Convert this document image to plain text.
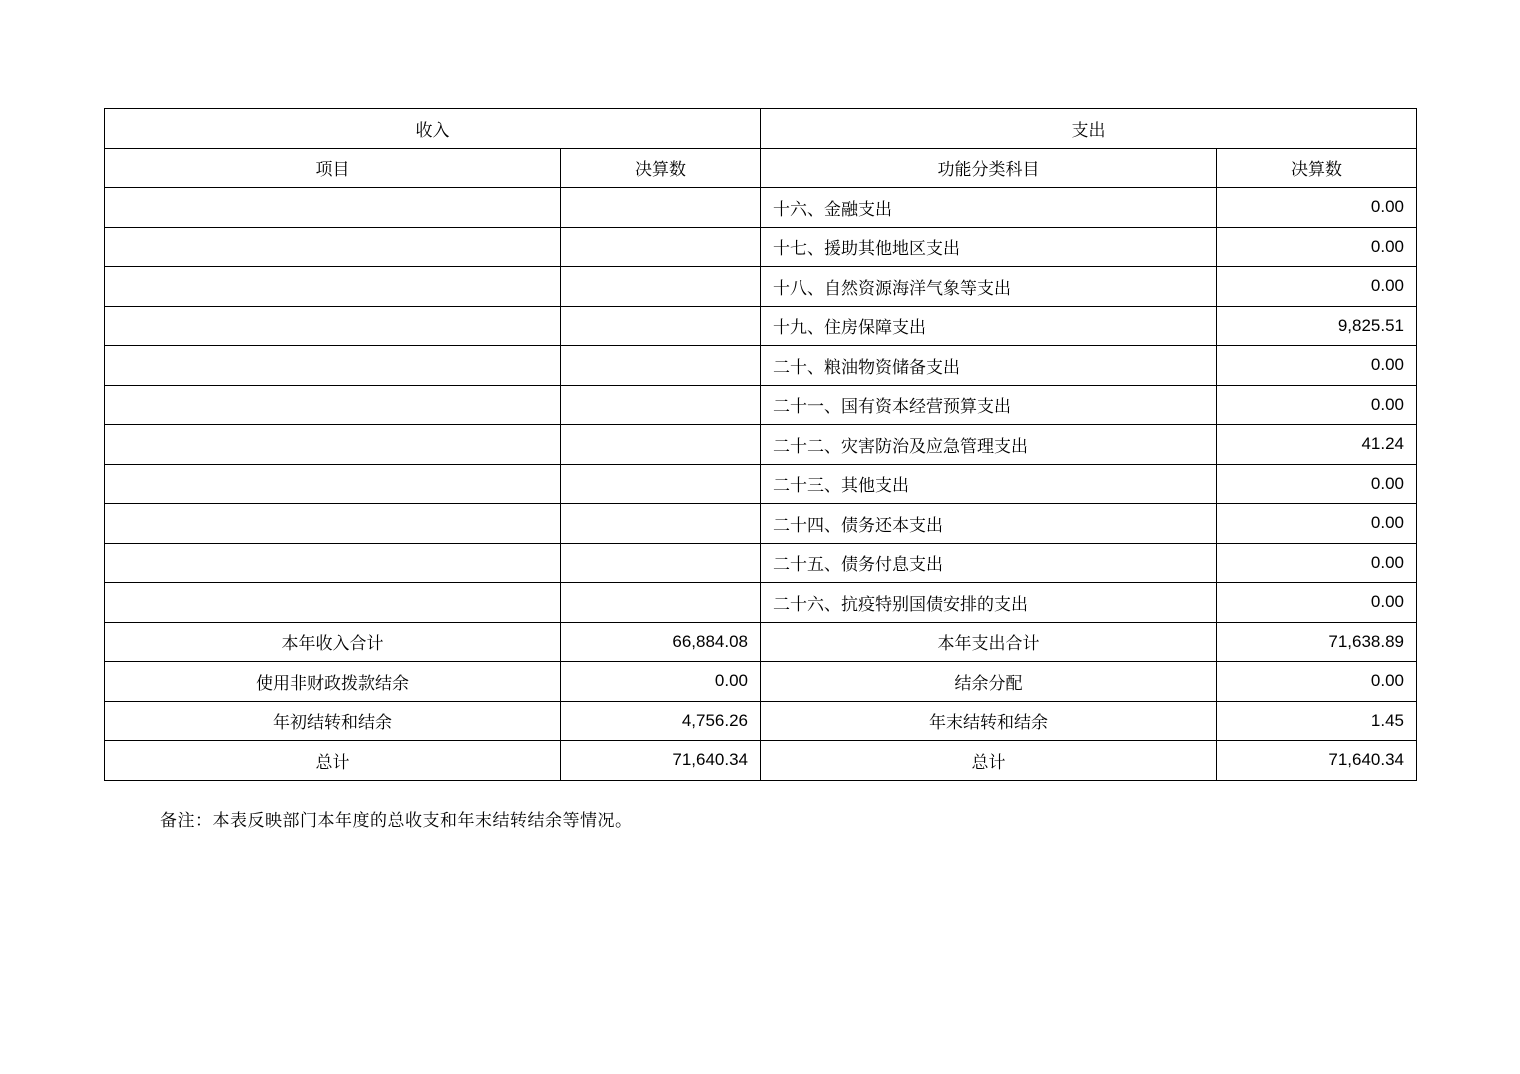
收入		支出	
项目	决算数	功能分类科目	决算数
		十六、金融支出	0.00
		十七、援助其他地区支出	0.00
		十八、自然资源海洋气象等支出	0.00
		十九、住房保障支出	9,825.51
		二十、粮油物资储备支出	0.00
		二十一、国有资本经营预算支出	0.00
		二十二、灾害防治及应急管理支出	41.24
		二十三、其他支出	0.00
		二十四、债务还本支出	0.00
		二十五、债务付息支出	0.00
		二十六、抗疫特别国债安排的支出	0.00
本年收入合计	66,884.08	本年支出合计	71,638.89
使用非财政拨款结余	0.00	结余分配	0.00
年初结转和结余	4,756.26	年末结转和结余	1.45
总计	71,640.34	总计	71,640.34
备注：本表反映部门本年度的总收支和年末结转结余等情况。
